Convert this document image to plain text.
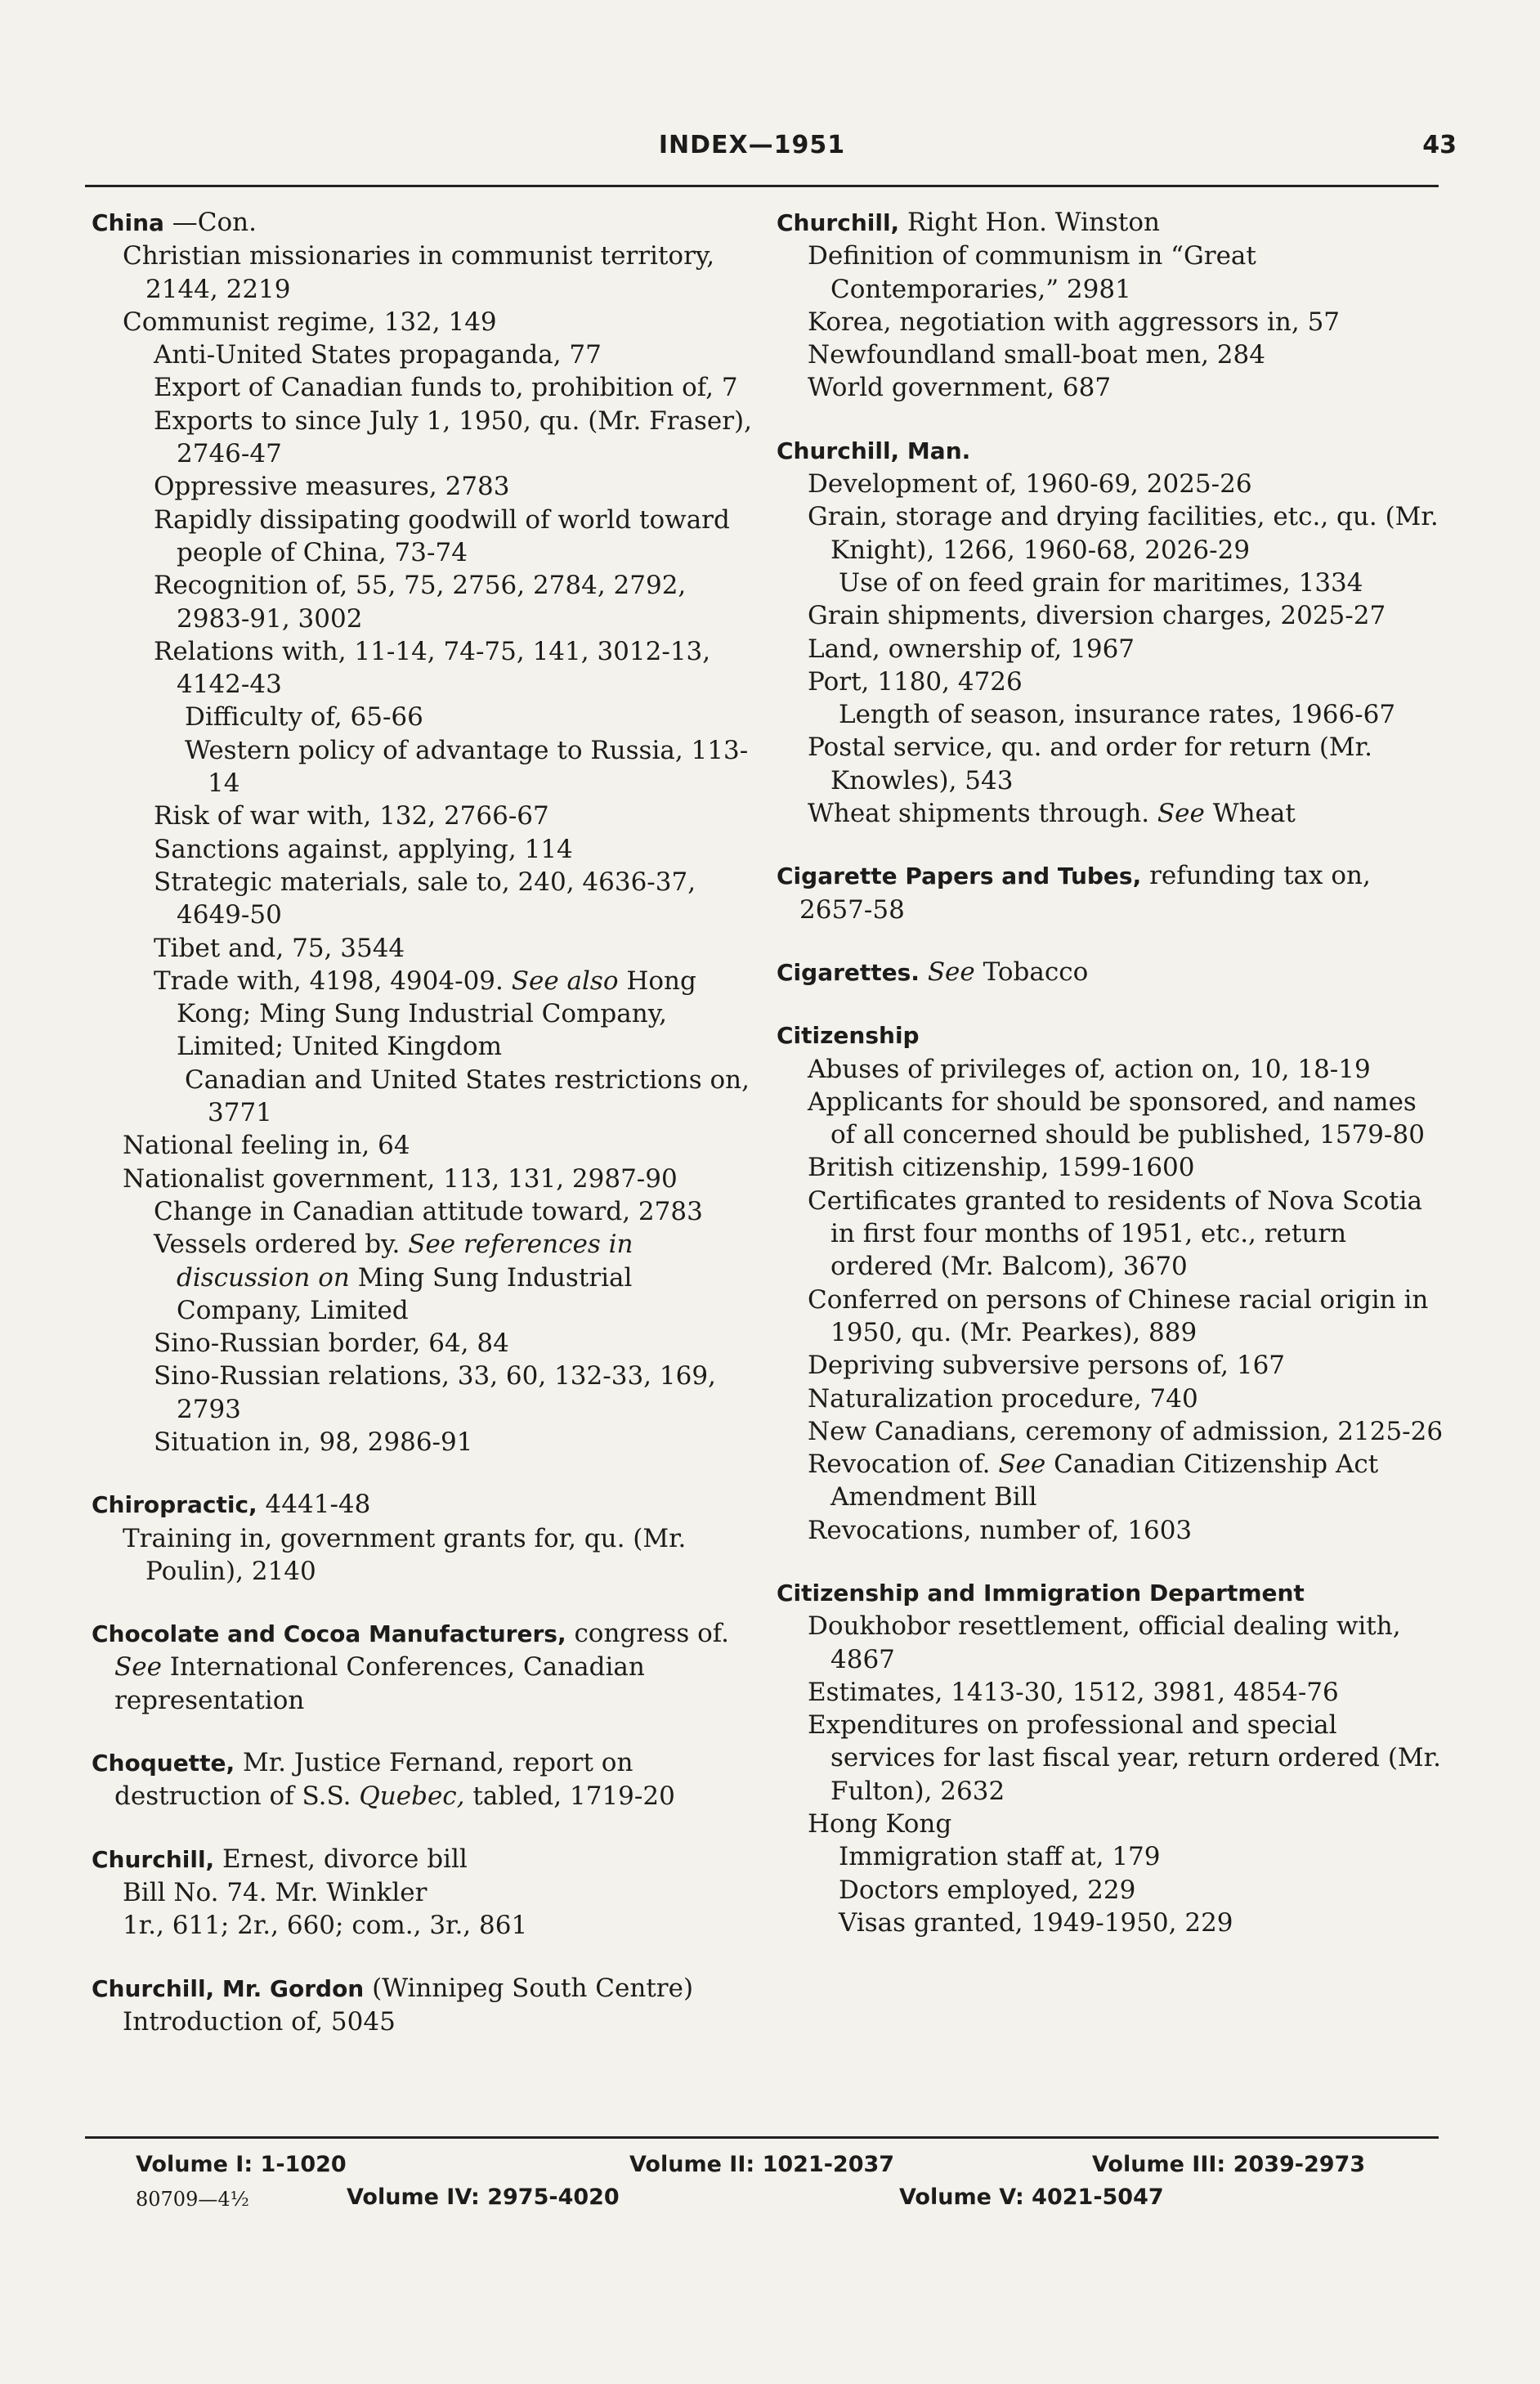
INDEX—1951	43

China —Con.

Christian missionaries in communist territory, 2144, 2219

Communist regime, 132, 149

Anti-United States propaganda, 77

Export of Canadian funds to, prohibition of, 7

Exports to since July 1, 1950, qu. (Mr. Fraser), 2746-47

Oppressive measures, 2783

Rapidly dissipating goodwill of world toward people of China, 73-74

Recognition of, 55, 75, 2756, 2784, 2792, 2983-91, 3002

Relations with, 11-14, 74-75, 141, 3012-13, 4142-43

Difficulty of, 65-66

Western policy of advantage to Russia, 113-14

Risk of war with, 132, 2766-67

Sanctions against, applying, 114

Strategic materials, sale to, 240, 4636-37, 4649-50

Tibet and, 75, 3544

Trade with, 4198, 4904-09. See also Hong Kong; Ming Sung Industrial Company, Limited; United Kingdom

Canadian and United States restrictions on, 3771

National feeling in, 64

Nationalist government, 113, 131, 2987-90

Change in Canadian attitude toward, 2783

Vessels ordered by. See references in discussion on Ming Sung Industrial Company, Limited

Sino-Russian border, 64, 84

Sino-Russian relations, 33, 60, 132-33, 169, 2793

Situation in, 98, 2986-91

Chiropractic, 4441-48

Training in, government grants for, qu. (Mr. Poulin), 2140

Chocolate and Cocoa Manufacturers, congress of. See International Conferences, Canadian representation

Choquette, Mr. Justice Fernand, report on destruction of S.S. Quebec, tabled, 1719-20

Churchill, Ernest, divorce bill

Bill No. 74. Mr. Winkler

1r., 611; 2r., 660; com., 3r., 861

Churchill, Mr. Gordon (Winnipeg South Centre)

Introduction of, 5045

Churchill, Right Hon. Winston

Definition of communism in “Great Contemporaries,” 2981

Korea, negotiation with aggressors in, 57

Newfoundland small-boat men, 284

World government, 687

Churchill, Man.

Development of, 1960-69, 2025-26

Grain, storage and drying facilities, etc., qu. (Mr. Knight), 1266, 1960-68, 2026-29

Use of on feed grain for maritimes, 1334

Grain shipments, diversion charges, 2025-27

Land, ownership of, 1967

Port, 1180, 4726

Length of season, insurance rates, 1966-67

Postal service, qu. and order for return (Mr. Knowles), 543

Wheat shipments through. See Wheat

Cigarette Papers and Tubes, refunding tax on, 2657-58

Cigarettes. See Tobacco

Citizenship

Abuses of privileges of, action on, 10, 18-19

Applicants for should be sponsored, and names of all concerned should be published, 1579-80

British citizenship, 1599-1600

Certificates granted to residents of Nova Scotia in first four months of 1951, etc., return ordered (Mr. Balcom), 3670

Conferred on persons of Chinese racial origin in 1950, qu. (Mr. Pearkes), 889

Depriving subversive persons of, 167

Naturalization procedure, 740

New Canadians, ceremony of admission, 2125-26

Revocation of. See Canadian Citizenship Act Amendment Bill

Revocations, number of, 1603

Citizenship and Immigration Department

Doukhobor resettlement, official dealing with, 4867

Estimates, 1413-30, 1512, 3981, 4854-76

Expenditures on professional and special services for last fiscal year, return ordered (Mr. Fulton), 2632

Hong Kong

Immigration staff at, 179

Doctors employed, 229

Visas granted, 1949-1950, 229

Volume I: 1-1020	Volume II: 1021-2037	Volume III: 2039-2973
80709—4½	Volume IV: 2975-4020	Volume V: 4021-5047
